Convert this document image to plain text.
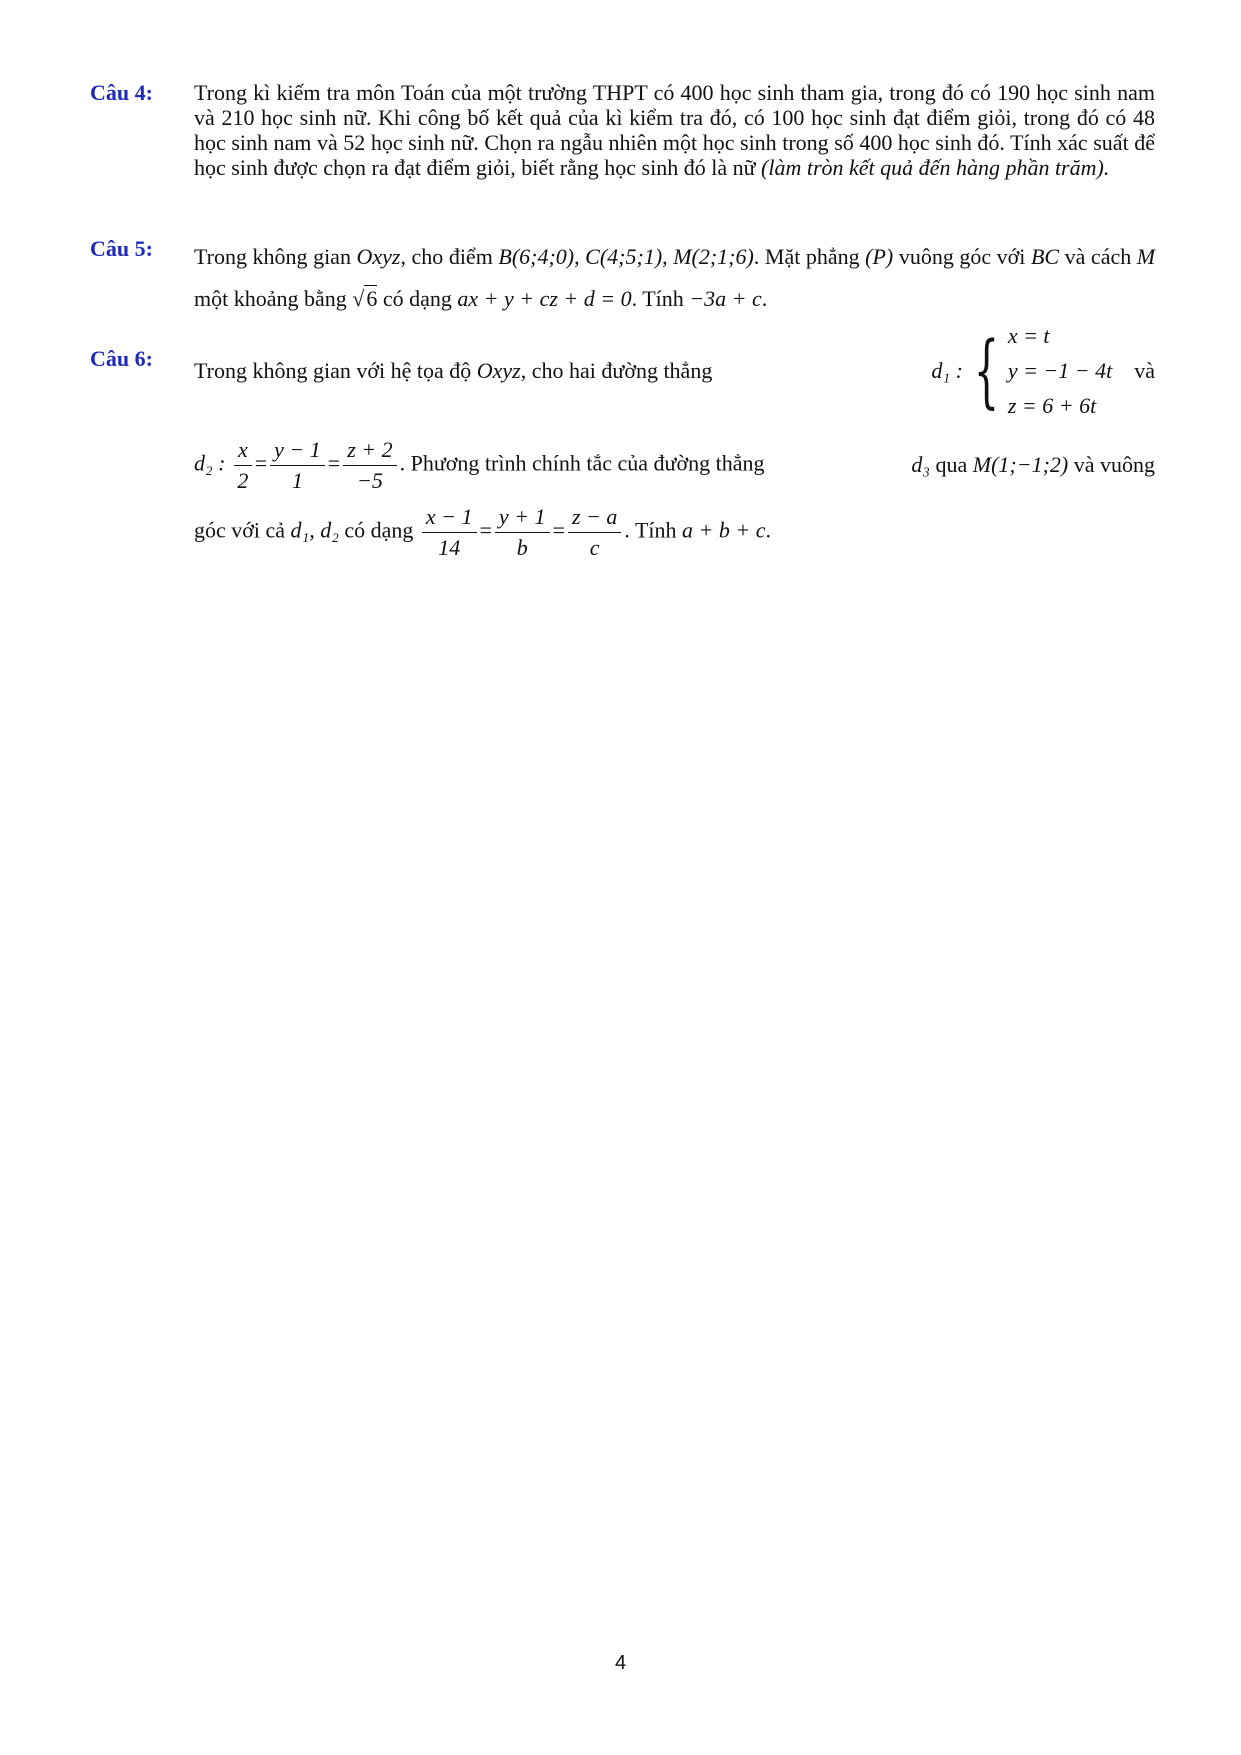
Câu 4: Trong kì kiếm tra môn Toán của một trường THPT có 400 học sinh tham gia, trong đó có 190 học sinh nam và 210 học sinh nữ. Khi công bố kết quả của kì kiểm tra đó, có 100 học sinh đạt điểm giỏi, trong đó có 48 học sinh nam và 52 học sinh nữ. Chọn ra ngẫu nhiên một học sinh trong số 400 học sinh đó. Tính xác suất để học sinh được chọn ra đạt điểm giỏi, biết rằng học sinh đó là nữ (làm tròn kết quả đến hàng phần trăm).
Câu 5: Trong không gian Oxyz, cho điểm B(6;4;0), C(4;5;1), M(2;1;6). Mặt phẳng (P) vuông góc với BC và cách M một khoảng bằng √6 có dạng ax + y + cz + d = 0. Tính −3a + c.
Câu 6: Trong không gian với hệ tọa độ Oxyz, cho hai đường thẳng	d₁ : { x = t
y = −1 − 4t
z = 6 + 6t
và
d₂ : $\frac{x}{2} = \frac{y - 1}{1} = \frac{z + 2}{-5}$ . Phương trình chính tắc của đường thẳng	d₃ qua M(1;−1;2) và vuông
góc với cả d₁, d₂ có dạng $\frac{x - 1}{14} = \frac{y + 1}{b} = \frac{z - a}{c}$ . Tính a + b + c.
4
